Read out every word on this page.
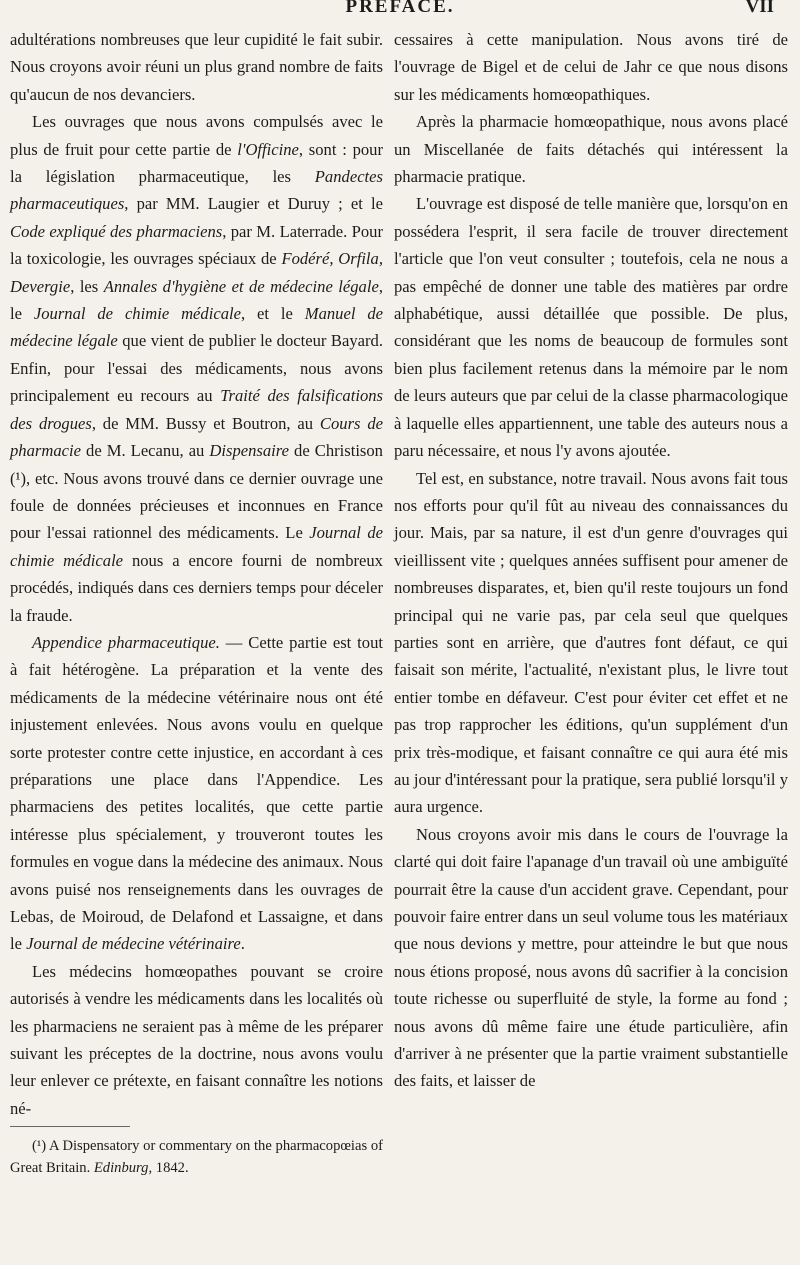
PREFACE.	VII

adultérations nombreuses que leur cupidité le fait subir. Nous croyons avoir réuni un plus grand nombre de faits qu'aucun de nos devanciers.

Les ouvrages que nous avons compulsés avec le plus de fruit pour cette partie de l'Officine, sont : pour la législation pharmaceutique, les Pandectes pharmaceutiques, par MM. Laugier et Duruy ; et le Code expliqué des pharmaciens, par M. Laterrade. Pour la toxicologie, les ouvrages spéciaux de Fodéré, Orfila, Devergie, les Annales d'hygiène et de médecine légale, le Journal de chimie médicale, et le Manuel de médecine légale que vient de publier le docteur Bayard. Enfin, pour l'essai des médicaments, nous avons principalement eu recours au Traité des falsifications des drogues, de MM. Bussy et Boutron, au Cours de pharmacie de M. Lecanu, au Dispensaire de Christison (¹), etc. Nous avons trouvé dans ce dernier ouvrage une foule de données précieuses et inconnues en France pour l'essai rationnel des médicaments. Le Journal de chimie médicale nous a encore fourni de nombreux procédés, indiqués dans ces derniers temps pour déceler la fraude.

Appendice pharmaceutique. — Cette partie est tout à fait hétérogène. La préparation et la vente des médicaments de la médecine vétérinaire nous ont été injustement enlevées. Nous avons voulu en quelque sorte protester contre cette injustice, en accordant à ces préparations une place dans l'Appendice. Les pharmaciens des petites localités, que cette partie intéresse plus spécialement, y trouveront toutes les formules en vogue dans la médecine des animaux. Nous avons puisé nos renseignements dans les ouvrages de Lebas, de Moiroud, de Delafond et Lassaigne, et dans le Journal de médecine vétérinaire.

Les médecins homœopathes pouvant se croire autorisés à vendre les médicaments dans les localités où les pharmaciens ne seraient pas à même de les préparer suivant les préceptes de la doctrine, nous avons voulu leur enlever ce prétexte, en faisant connaître les notions né-

(¹) A Dispensatory or commentary on the pharmacopœias of Great Britain. Edinburg, 1842.

cessaires à cette manipulation. Nous avons tiré de l'ouvrage de Bigel et de celui de Jahr ce que nous disons sur les médicaments homœopathiques.

Après la pharmacie homœopathique, nous avons placé un Miscellanée de faits détachés qui intéressent la pharmacie pratique.

L'ouvrage est disposé de telle manière que, lorsqu'on en possédera l'esprit, il sera facile de trouver directement l'article que l'on veut consulter ; toutefois, cela ne nous a pas empêché de donner une table des matières par ordre alphabétique, aussi détaillée que possible. De plus, considérant que les noms de beaucoup de formules sont bien plus facilement retenus dans la mémoire par le nom de leurs auteurs que par celui de la classe pharmacologique à laquelle elles appartiennent, une table des auteurs nous a paru nécessaire, et nous l'y avons ajoutée.

Tel est, en substance, notre travail. Nous avons fait tous nos efforts pour qu'il fût au niveau des connaissances du jour. Mais, par sa nature, il est d'un genre d'ouvrages qui vieillissent vite ; quelques années suffisent pour amener de nombreuses disparates, et, bien qu'il reste toujours un fond principal qui ne varie pas, par cela seul que quelques parties sont en arrière, que d'autres font défaut, ce qui faisait son mérite, l'actualité, n'existant plus, le livre tout entier tombe en défaveur. C'est pour éviter cet effet et ne pas trop rapprocher les éditions, qu'un supplément d'un prix très-modique, et faisant connaître ce qui aura été mis au jour d'intéressant pour la pratique, sera publié lorsqu'il y aura urgence.

Nous croyons avoir mis dans le cours de l'ouvrage la clarté qui doit faire l'apanage d'un travail où une ambiguïté pourrait être la cause d'un accident grave. Cependant, pour pouvoir faire entrer dans un seul volume tous les matériaux que nous devions y mettre, pour atteindre le but que nous nous étions proposé, nous avons dû sacrifier à la concision toute richesse ou superfluité de style, la forme au fond ; nous avons dû même faire une étude particulière, afin d'arriver à ne présenter que la partie vraiment substantielle des faits, et laisser de
